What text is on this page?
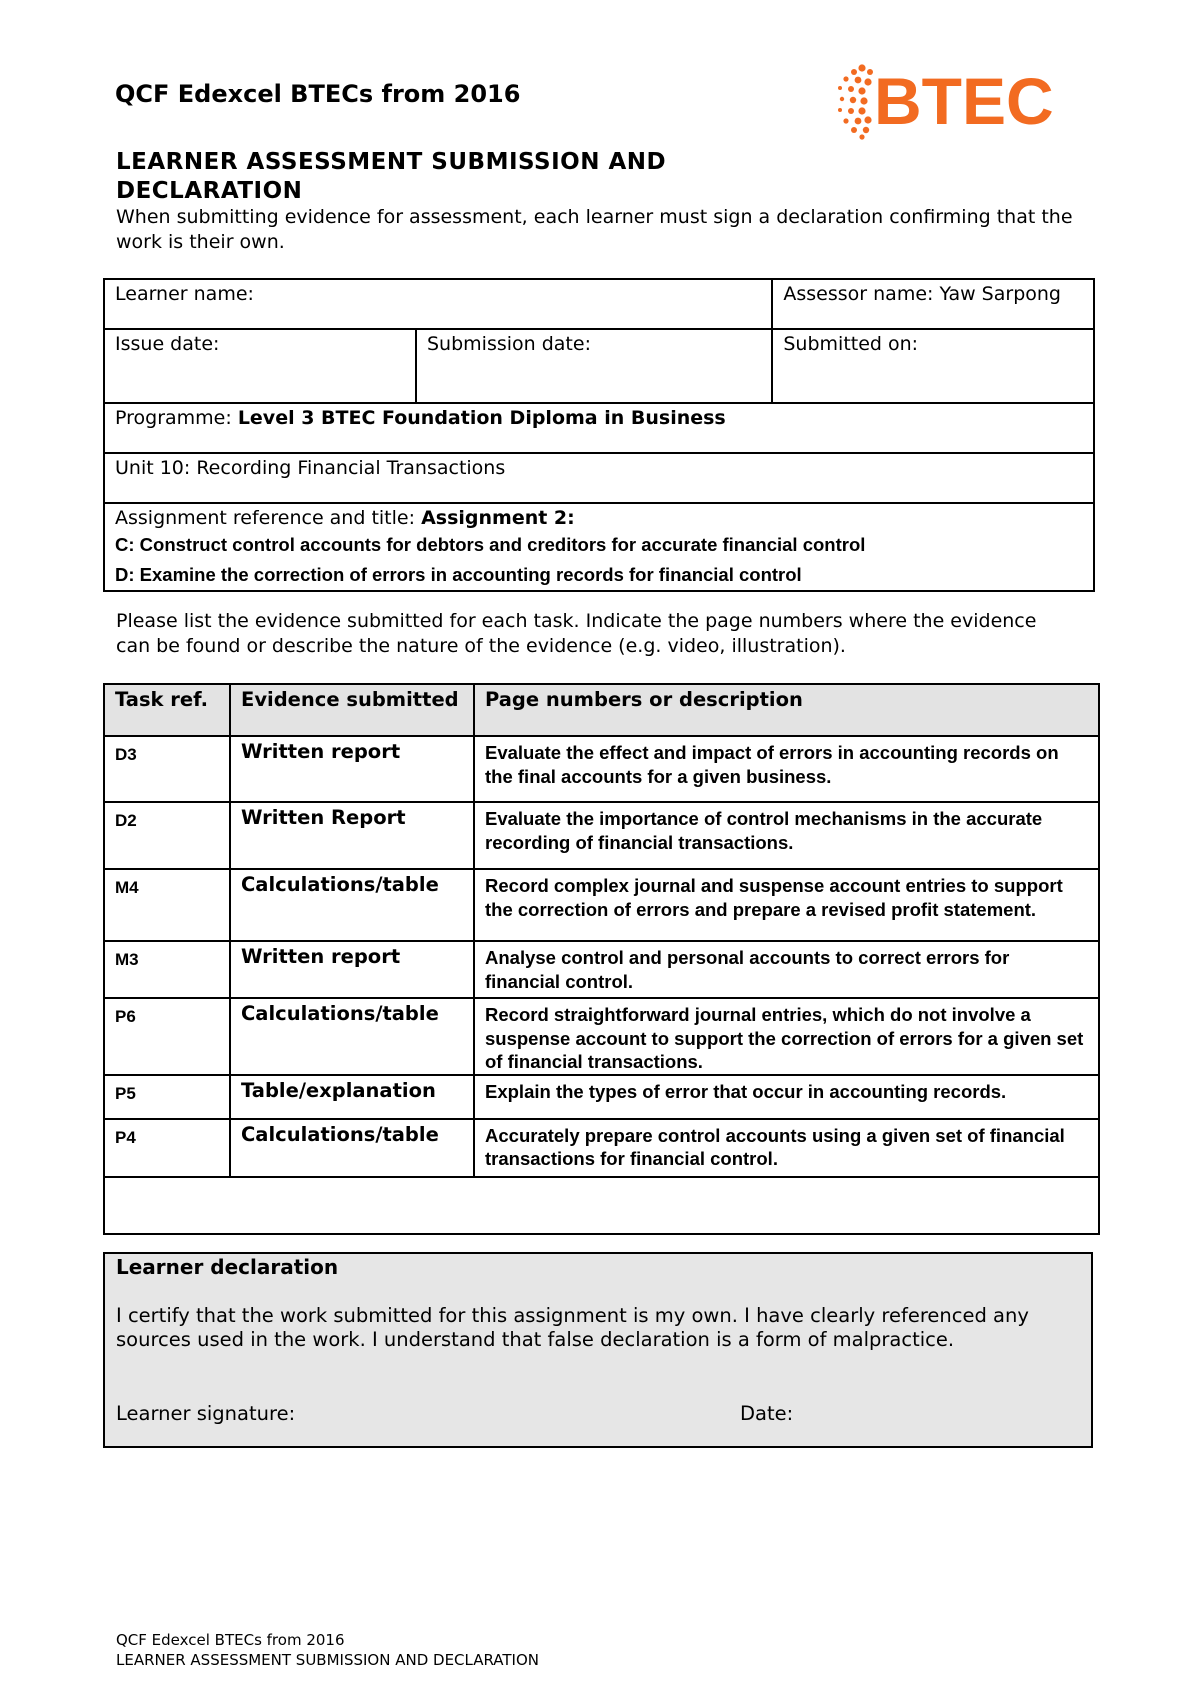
QCF Edexcel BTECs from 2016	BTEC
LEARNER ASSESSMENT SUBMISSION AND
DECLARATION
When submitting evidence for assessment, each learner must sign a declaration confirming that the work is their own.
Learner name:		Assessor name: Yaw Sarpong
Issue date:	Submission date:	Submitted on:
Programme: Level 3 BTEC Foundation Diploma in Business		
Unit 10: Recording Financial Transactions		
Assignment reference and title: Assignment 2:
C: Construct control accounts for debtors and creditors for accurate financial control
D: Examine the correction of errors in accounting records for financial control		
Please list the evidence submitted for each task. Indicate the page numbers where the evidence can be found or describe the nature of the evidence (e.g. video, illustration).
Task ref.	Evidence submitted	Page numbers or description
D3	Written report	Evaluate the effect and impact of errors in accounting records on the final accounts for a given business.
D2	Written Report	Evaluate the importance of control mechanisms in the accurate recording of financial transactions.
M4	Calculations/table	Record complex journal and suspense account entries to support the correction of errors and prepare a revised profit statement.
M3	Written report	Analyse control and personal accounts to correct errors for financial control.
P6	Calculations/table	Record straightforward journal entries, which do not involve a suspense account to support the correction of errors for a given set of financial transactions.
P5	Table/explanation	Explain the types of error that occur in accounting records.
P4	Calculations/table	Accurately prepare control accounts using a given set of financial transactions for financial control.

Learner declaration
I certify that the work submitted for this assignment is my own. I have clearly referenced any sources used in the work. I understand that false declaration is a form of malpractice.
Learner signature:	Date:
QCF Edexcel BTECs from 2016
LEARNER ASSESSMENT SUBMISSION AND DECLARATION
